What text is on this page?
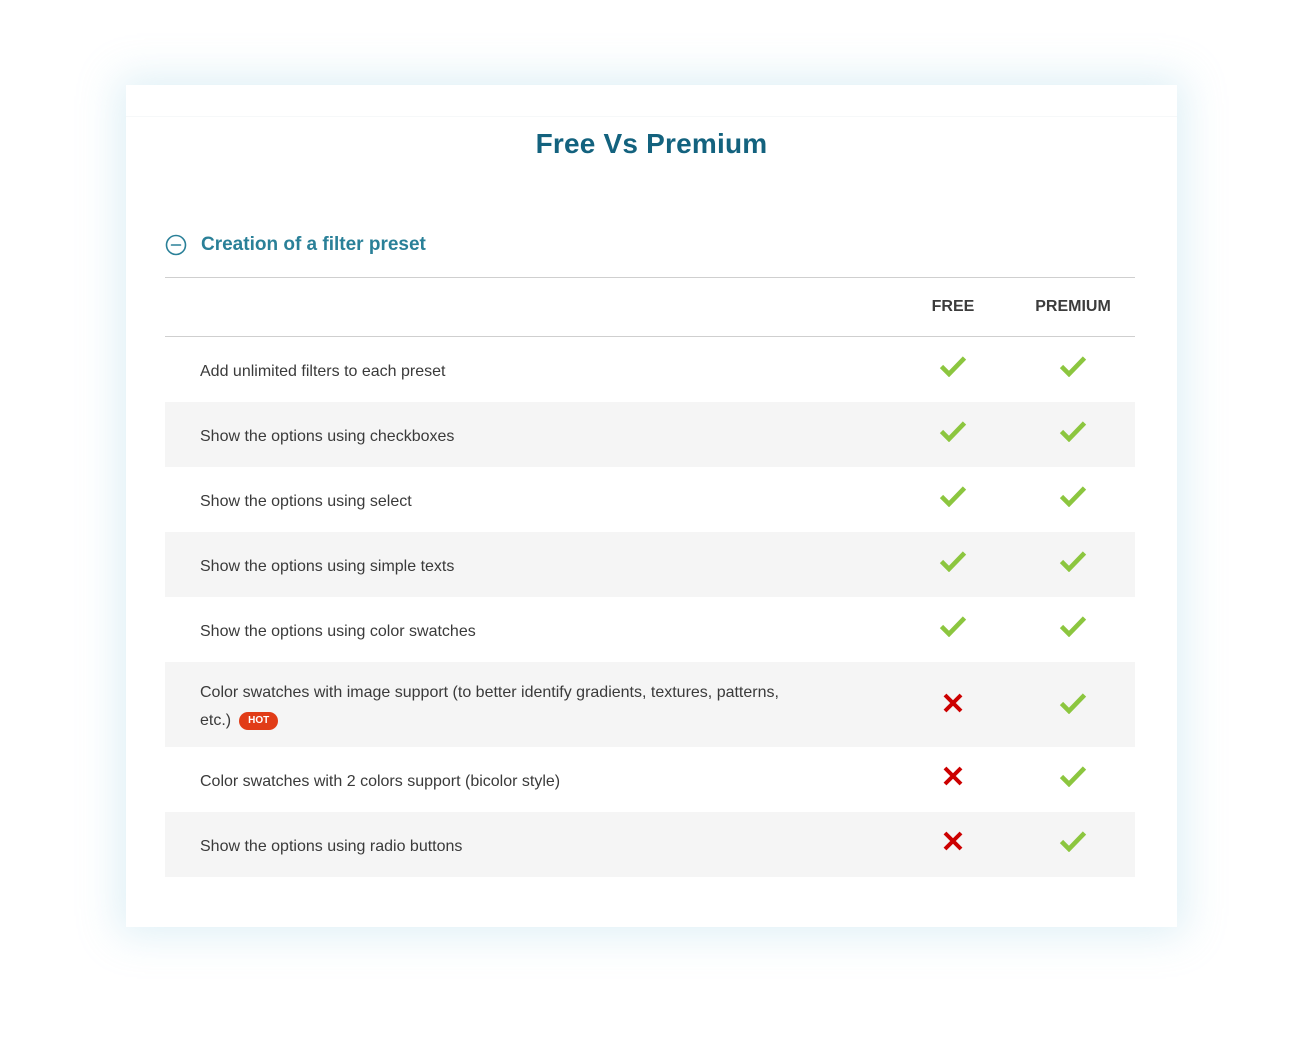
Free Vs Premium
Creation of a filter preset
FREE	PREMIUM
Add unlimited filters to each preset
Show the options using checkboxes
Show the options using select
Show the options using simple texts
Show the options using color swatches
Color swatches with image support (to better identify gradients, textures, patterns, etc.) HOT
Color swatches with 2 colors support (bicolor style)
Show the options using radio buttons
